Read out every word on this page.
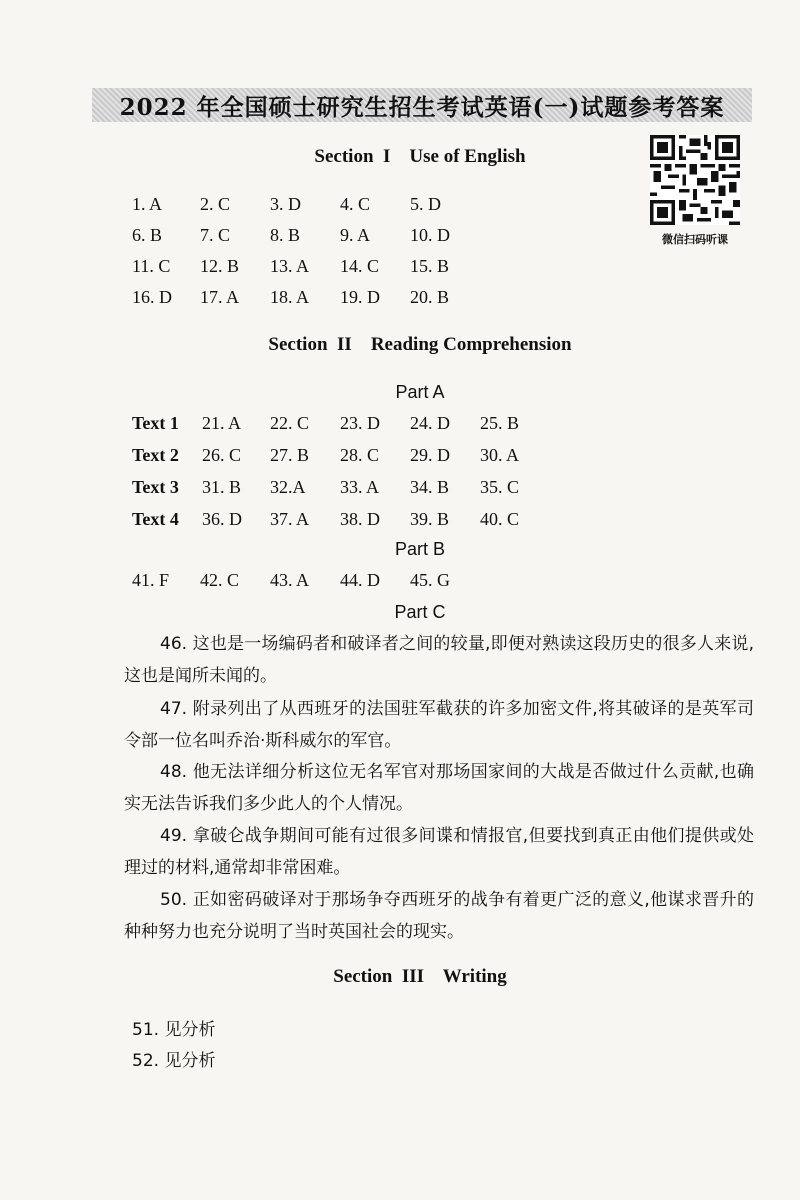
2022 年全国硕士研究生招生考试英语(一)试题参考答案
Section  I    Use of English
微信扫码听课
1. A 2. C 3. D 4. C 5. D
6. B 7. C 8. B 9. A 10. D
11. C 12. B 13. A 14. C 15. B
16. D 17. A 18. A 19. D 20. B
Section  II    Reading Comprehension
Part A
Text 1 21. A 22. C 23. D 24. D 25. B
Text 2 26. C 27. B 28. C 29. D 30. A
Text 3 31. B 32.A 33. A 34. B 35. C
Text 4 36. D 37. A 38. D 39. B 40. C
Part B
41. F 42. C 43. A 44. D 45. G
Part C
46. 这也是一场编码者和破译者之间的较量,即便对熟读这段历史的很多人来说,这也是闻所未闻的。
47. 附录列出了从西班牙的法国驻军截获的许多加密文件,将其破译的是英军司令部一位名叫乔治·斯科威尔的军官。
48. 他无法详细分析这位无名军官对那场国家间的大战是否做过什么贡献,也确实无法告诉我们多少此人的个人情况。
49. 拿破仑战争期间可能有过很多间谍和情报官,但要找到真正由他们提供或处理过的材料,通常却非常困难。
50. 正如密码破译对于那场争夺西班牙的战争有着更广泛的意义,他谋求晋升的种种努力也充分说明了当时英国社会的现实。
Section  III    Writing
51. 见分析
52. 见分析
